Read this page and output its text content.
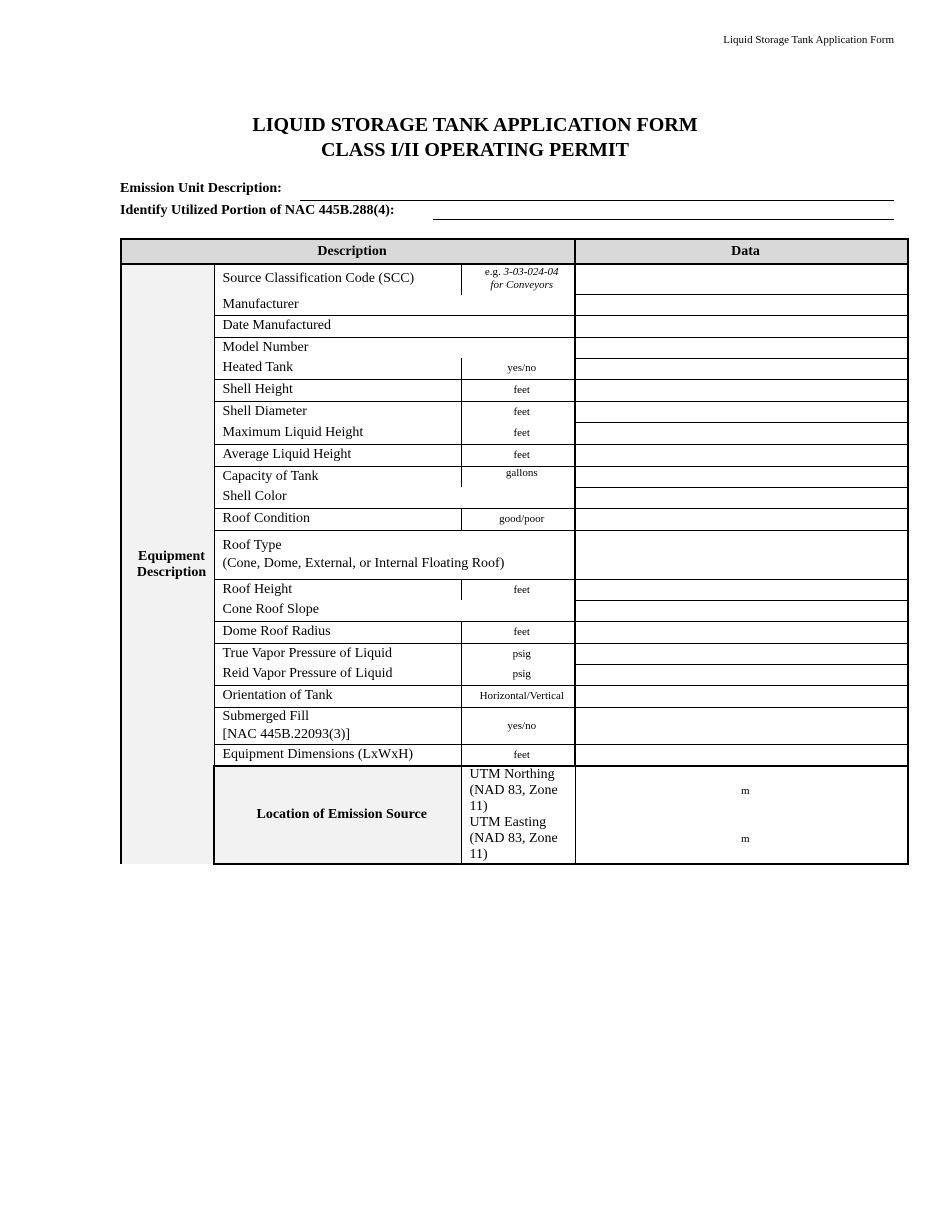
Liquid Storage Tank Application Form
LIQUID STORAGE TANK APPLICATION FORM
CLASS I/II OPERATING PERMIT
Emission Unit Description:
Identify Utilized Portion of NAC 445B.288(4):
Description			Data	
Equipment Description	Source Classification Code (SCC)	e.g. 3-03-024-04
for Conveyors		

	Manufacturer			
	Date Manufactured			
	Model Number			
	Heated Tank	yes/no		
	Shell Height	feet		
	Shell Diameter	feet		
	Maximum Liquid Height	feet		
	Average Liquid Height	feet		
	Capacity of Tank	gallons		
	Shell Color			
	Roof Condition	good/poor		

	Roof Type
(Cone, Dome, External, or Internal Floating Roof)			

	Roof Height	feet		
	Cone Roof Slope			
	Dome Roof Radius	feet		
	True Vapor Pressure of Liquid	psig		
	Reid Vapor Pressure of Liquid	psig		
	Orientation of Tank	Horizontal/Vertical		

	Submerged Fill
[NAC 445B.22093(3)]	yes/no		
	Equipment Dimensions (LxWxH)	feet		
	Location of Emission Source	UTM Northing (NAD 83, Zone 11)	m	
		UTM Easting (NAD 83, Zone 11)	m	
